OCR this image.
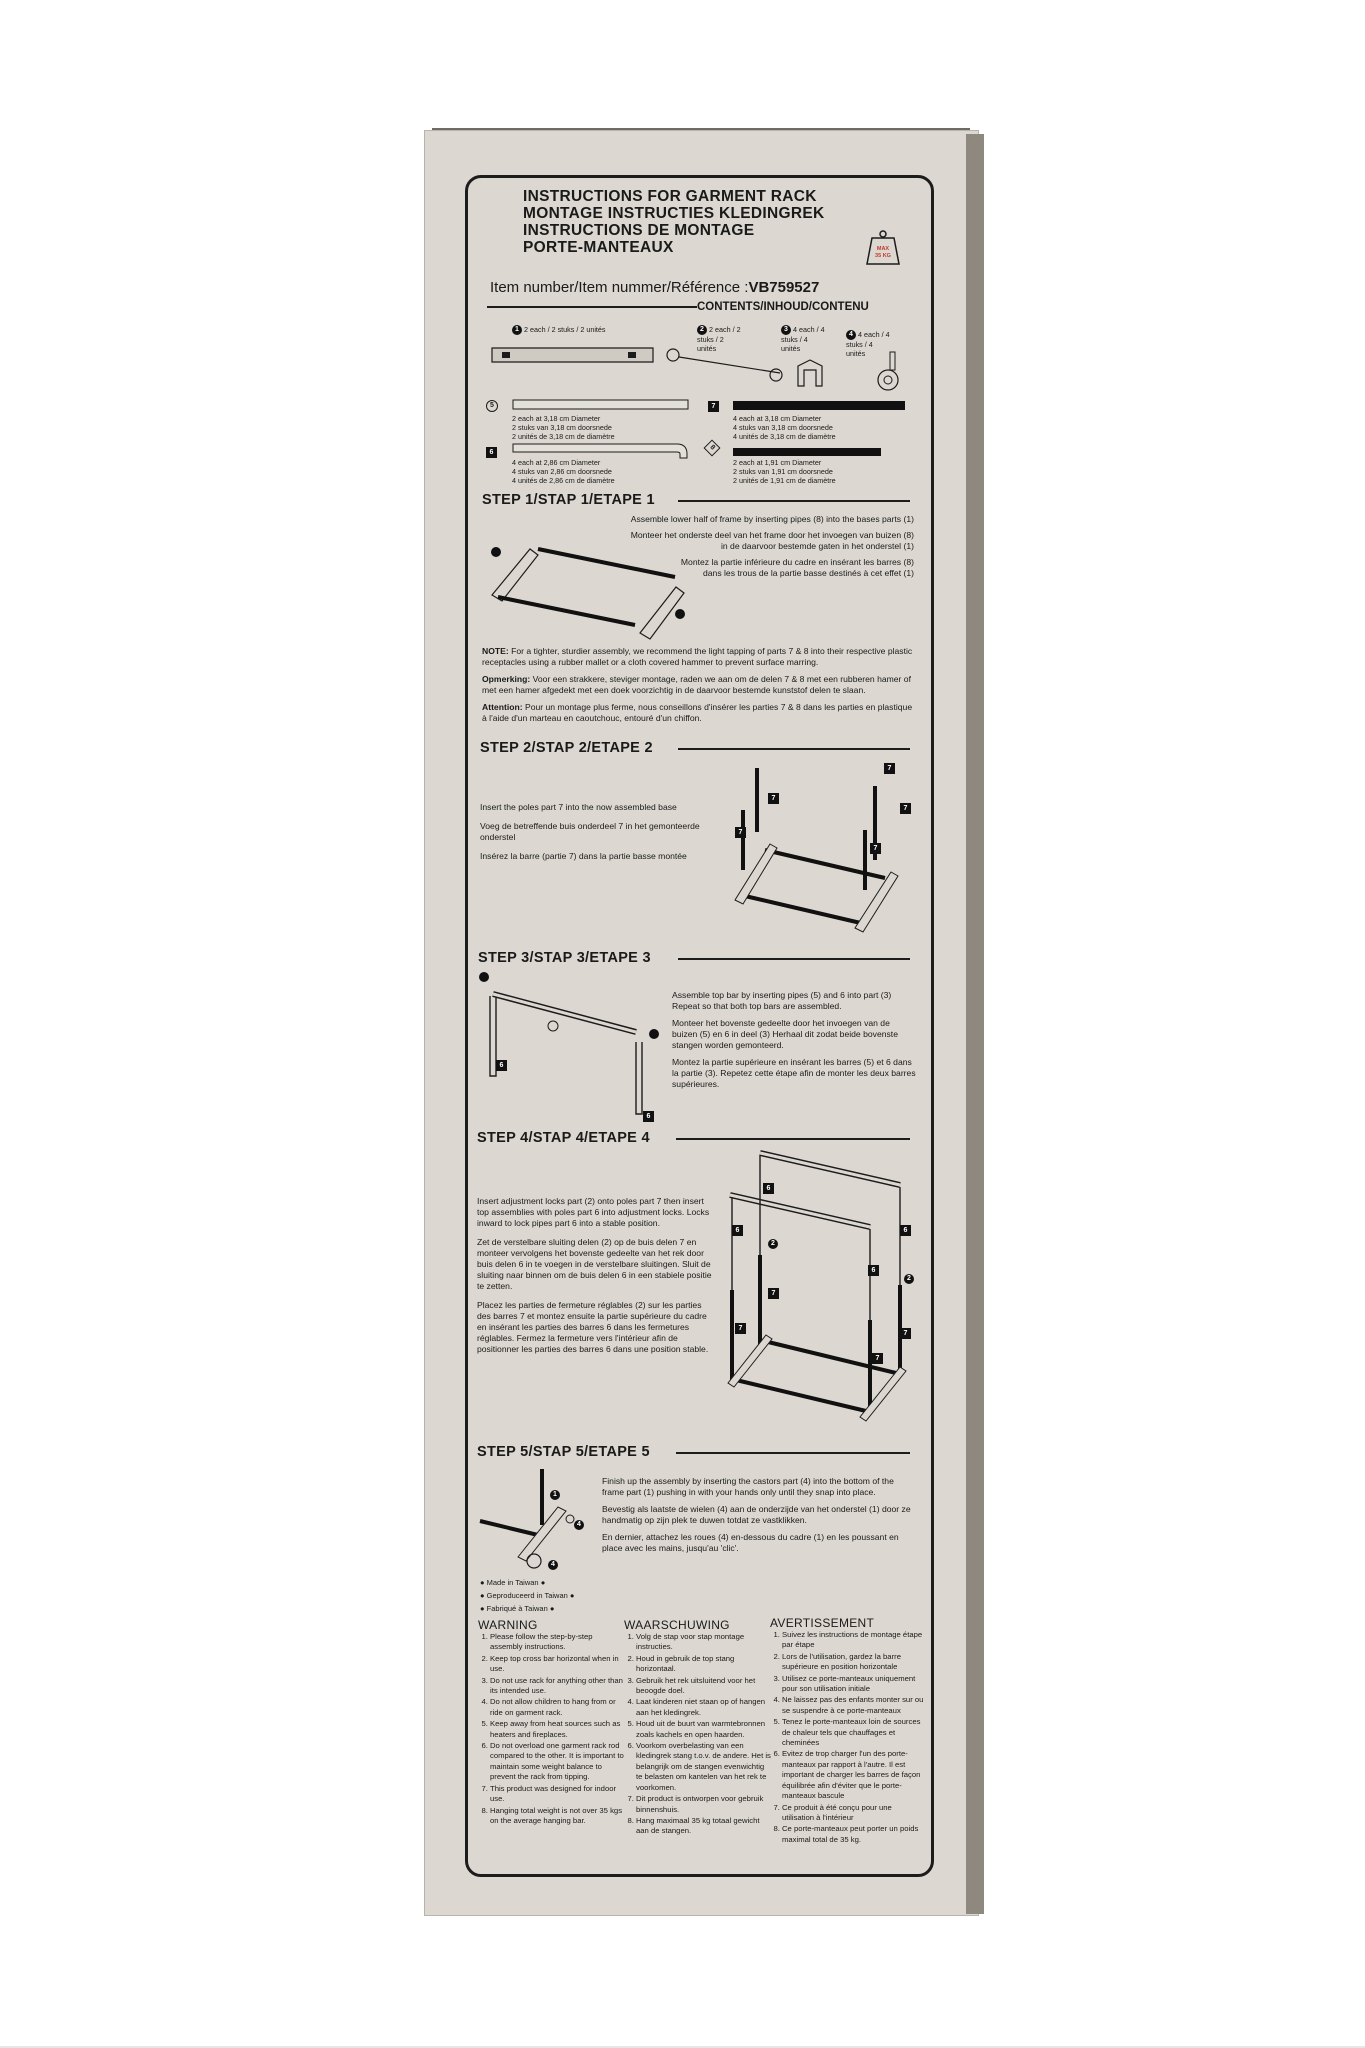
INSTRUCTIONS FOR GARMENT RACK
MONTAGE INSTRUCTIES KLEDINGREK
INSTRUCTIONS DE MONTAGE
PORTE-MANTEAUX	MAX
35 KG
Item number/Item nummer/Référence :VB759527
CONTENTS/INHOUD/CONTENU
1 2 each / 2 stuks / 2 unités	2 2 each / 2 stuks / 2 unités
3 4 each / 4 stuks / 4 unités
4 4 each / 4 stuks / 4 unités
5
2 each at 3,18 cm Diameter
2 stuks van 3,18 cm doorsnede
2 unités de 3,18 cm de diamètre
7
4 each at 3,18 cm Diameter
4 stuks van 3,18 cm doorsnede
4 unités de 3,18 cm de diamètre
6
4 each at 2,86 cm Diameter
4 stuks van 2,86 cm doorsnede
4 unités de 2,86 cm de diamètre
8
2 each at 1,91 cm Diameter
2 stuks van 1,91 cm doorsnede
2 unités de 1,91 cm de diamètre
STEP 1/STAP 1/ETAPE 1
Assemble lower half of frame by inserting pipes (8) into the bases parts (1)
Monteer het onderste deel van het frame door het invoegen van buizen (8) in de daarvoor bestemde gaten in het onderstel (1)
Montez la partie inférieure du cadre en insérant les barres (8) dans les trous de la partie basse destinés à cet effet (1)
NOTE: For a tighter, sturdier assembly, we recommend the light tapping of parts 7 & 8 into their respective plastic receptacles using a rubber mallet or a cloth covered hammer to prevent surface marring.
Opmerking: Voor een strakkere, steviger montage, raden we aan om de delen 7 & 8 met een rubberen hamer of met een hamer afgedekt met een doek voorzichtig in de daarvoor bestemde kunststof delen te slaan.
Attention: Pour un montage plus ferme, nous conseillons d'insérer les parties 7 & 8 dans les parties en plastique à l'aide d'un marteau en caoutchouc, entouré d'un chiffon.
STEP 2/STAP 2/ETAPE 2
Insert the poles part 7 into the now assembled base
Voeg de betreffende buis onderdeel 7 in het gemonteerde onderstel
Insérez la barre (partie 7) dans la partie basse montée
7
7
7
7
7
STEP 3/STAP 3/ETAPE 3
6
6
Assemble top bar by inserting pipes (5) and 6 into part (3) Repeat so that both top bars are assembled.
Monteer het bovenste gedeelte door het invoegen van de buizen (5) en 6 in deel (3) Herhaal dit zodat beide bovenste stangen worden gemonteerd.
Montez la partie supérieure en insérant les barres (5) et 6 dans la partie (3). Repetez cette étape afin de monter les deux barres supérieures.
STEP 4/STAP 4/ETAPE 4
Insert adjustment locks part (2) onto poles part 7 then insert top assemblies with poles part 6 into adjustment locks. Locks inward to lock pipes part 6 into a stable position.
Zet de verstelbare sluiting delen (2) op de buis delen 7 en monteer vervolgens het bovenste gedeelte van het rek door buis delen 6 in te voegen in de verstelbare sluitingen. Sluit de sluiting naar binnen om de buis delen 6 in een stabiele positie te zetten.
Placez les parties de fermeture réglables (2) sur les parties des barres 7 et montez ensuite la partie supérieure du cadre en insérant les parties des barres 6 dans les fermetures réglables. Fermez la fermeture vers l'intérieur afin de positionner les parties des barres 6 dans une position stable.
6
6	6
6
2
2
7
7
7
7
STEP 5/STAP 5/ETAPE 5
1
4
4
Finish up the assembly by inserting the castors part (4) into the bottom of the frame part (1) pushing in with your hands only until they snap into place.
Bevestig als laatste de wielen (4) aan de onderzijde van het onderstel (1) door ze handmatig op zijn plek te duwen totdat ze vastklikken.
En dernier, attachez les roues (4) en-dessous du cadre (1) en les poussant en place avec les mains, jusqu'au 'clic'.
● Made in Taiwan ●
● Geproduceerd in Taiwan ●
● Fabriqué à Taiwan ●
WARNING
1. Please follow the step-by-step assembly instructions.
2. Keep top cross bar horizontal when in use.
3. Do not use rack for anything other than its intended use.
4. Do not allow children to hang from or ride on garment rack.
5. Keep away from heat sources such as heaters and fireplaces.
6. Do not overload one garment rack rod compared to the other. It is important to maintain some weight balance to prevent the rack from tipping.
7. This product was designed for indoor use.
8. Hanging total weight is not over 35 kgs on the average hanging bar.
WAARSCHUWING
1. Volg de stap voor stap montage instructies.
2. Houd in gebruik de top stang horizontaal.
3. Gebruik het rek uitsluitend voor het beoogde doel.
4. Laat kinderen niet staan op of hangen aan het kledingrek.
5. Houd uit de buurt van warmtebronnen zoals kachels en open haarden.
6. Voorkom overbelasting van een kledingrek stang t.o.v. de andere. Het is belangrijk om de stangen evenwichtig te belasten om kantelen van het rek te voorkomen.
7. Dit product is ontworpen voor gebruik binnenshuis.
8. Hang maximaal 35 kg totaal gewicht aan de stangen.
AVERTISSEMENT
1. Suivez les instructions de montage étape par étape
2. Lors de l'utilisation, gardez la barre supérieure en position horizontale
3. Utilisez ce porte-manteaux uniquement pour son utilisation initiale
4. Ne laissez pas des enfants monter sur ou se suspendre à ce porte-manteaux
5. Tenez le porte-manteaux loin de sources de chaleur tels que chauffages et cheminées
6. Evitez de trop charger l'un des porte-manteaux par rapport à l'autre. Il est important de charger les barres de façon équilibrée afin d'éviter que le porte-manteaux bascule
7. Ce produit à été conçu pour une utilisation à l'intérieur
8. Ce porte-manteaux peut porter un poids maximal total de 35 kg.
